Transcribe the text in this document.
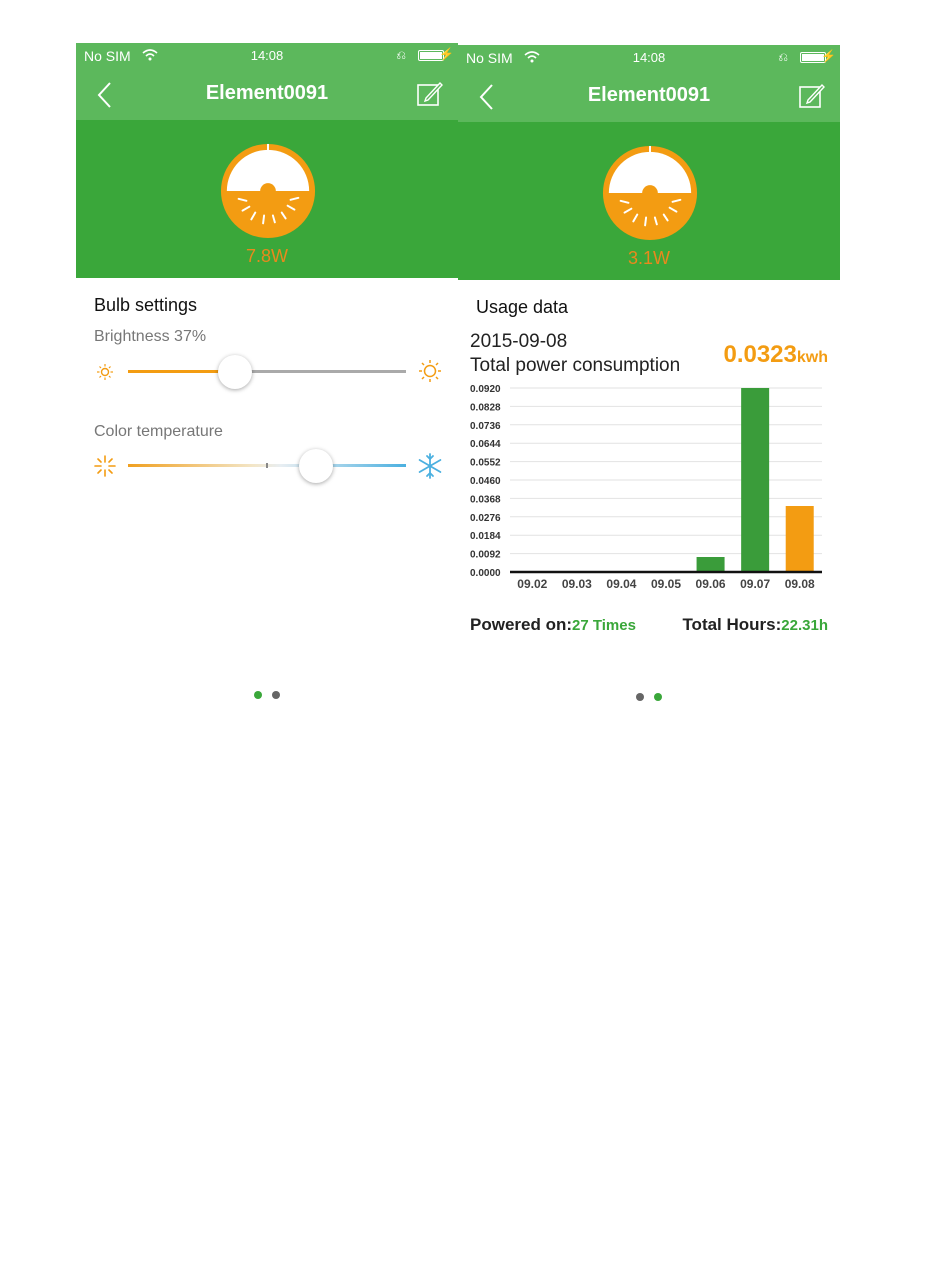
No SIM	14:08	⎌	⚡
Element0091
7.8W
Bulb settings
Brightness 37%
Color temperature
No SIM	14:08	⎌	⚡
Element0091
3.1W
Usage data
2015-09-08
Total power consumption 0.0323kwh
0.0920
0.0828
0.0736
0.0644
0.0552
0.0460
0.0368
0.0276
0.0184
0.0092
0.0000
09.02 09.03 09.04 09.05 09.06 09.07 09.08
Powered on:27 Times	Total Hours:22.31h
